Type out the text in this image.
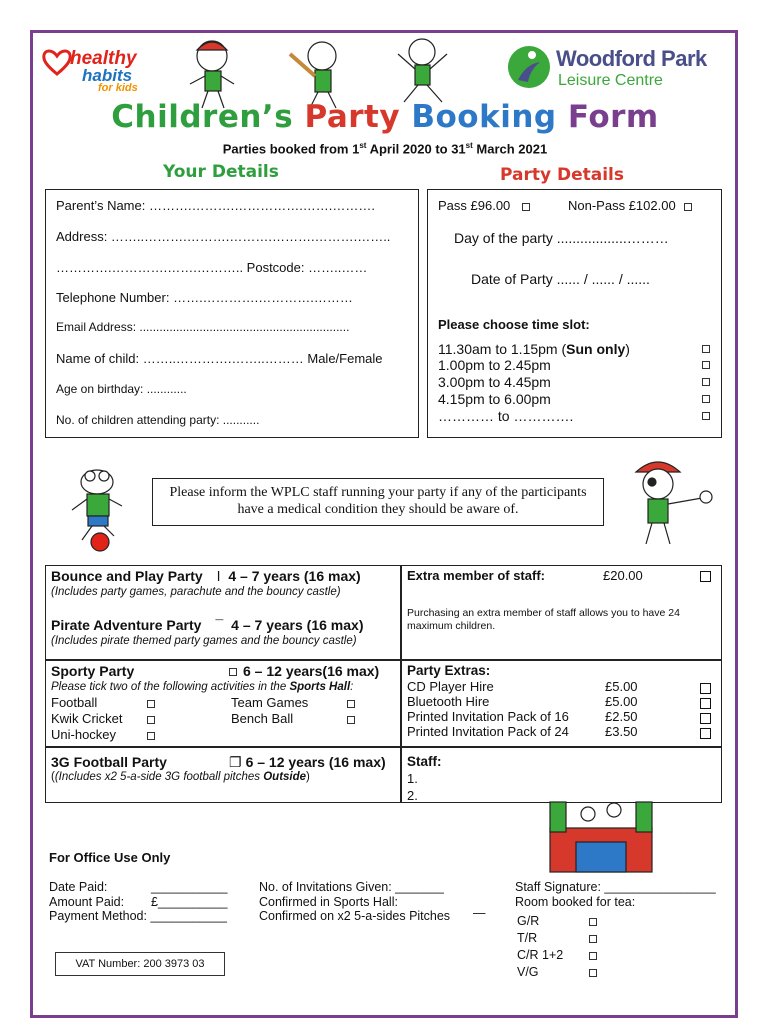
healthy
habits
for kids
Woodford Park
Leisure Centre
Children’s Party Booking Form
Parties booked from 1st April 2020 to 31st March 2021
Your Details	Party Details
Parent’s Name: ……….……….…………….…….……….
Address: ……..……….……….……….……….……….……..
………….………….…….……….. Postcode: ……..……
Telephone Number: …….………….………….………
Email Address: ...............................................................
Name of child: ……..………….……..……… Male/Female
Age on birthday: ............
No. of children attending party: ...........
Pass £96.00	Non-Pass £102.00
Day of the party ..................………
Date of Party ...... / ...... / ......
Please choose time slot:
11.30am to 1.15pm (Sun only)
1.00pm to 2.45pm
3.00pm to 4.45pm
4.15pm to 6.00pm
………… to ………….
Please inform the WPLC staff running your party if any of the participants have a medical condition they should be aware of.
Bounce and Play Party ǀ 4 – 7 years (16 max)
(Includes party games, parachute and the bouncy castle)
Pirate Adventure Party ¯ 4 – 7 years (16 max)
(Includes pirate themed party games and the bouncy castle)
Sporty Party	6 – 12 years(16 max)
Please tick two of the following activities in the Sports Hall:
Football	Team Games
Kwik Cricket	Bench Ball
Uni-hockey
3G Football Party	❐ 6 – 12 years (16 max)
((Includes x2 5-a-side 3G football pitches Outside)
Extra member of staff:	£20.00
Purchasing an extra member of staff allows you to have 24 maximum children.
Party Extras:
CD Player Hire	£5.00
Bluetooth Hire	£5.00
Printed Invitation Pack of 16	£2.50
Printed Invitation Pack of 24	£3.50
Staff:
1.
2.
For Office Use Only
Date Paid:	___________
Amount Paid: £__________
Payment Method: ___________
No. of Invitations Given: _______
Confirmed in Sports Hall:
Confirmed on x2 5-a-sides Pitches —
Staff Signature: ________________
Room booked for tea:
G/R
T/R
C/R 1+2
V/G
VAT Number: 200 3973 03
